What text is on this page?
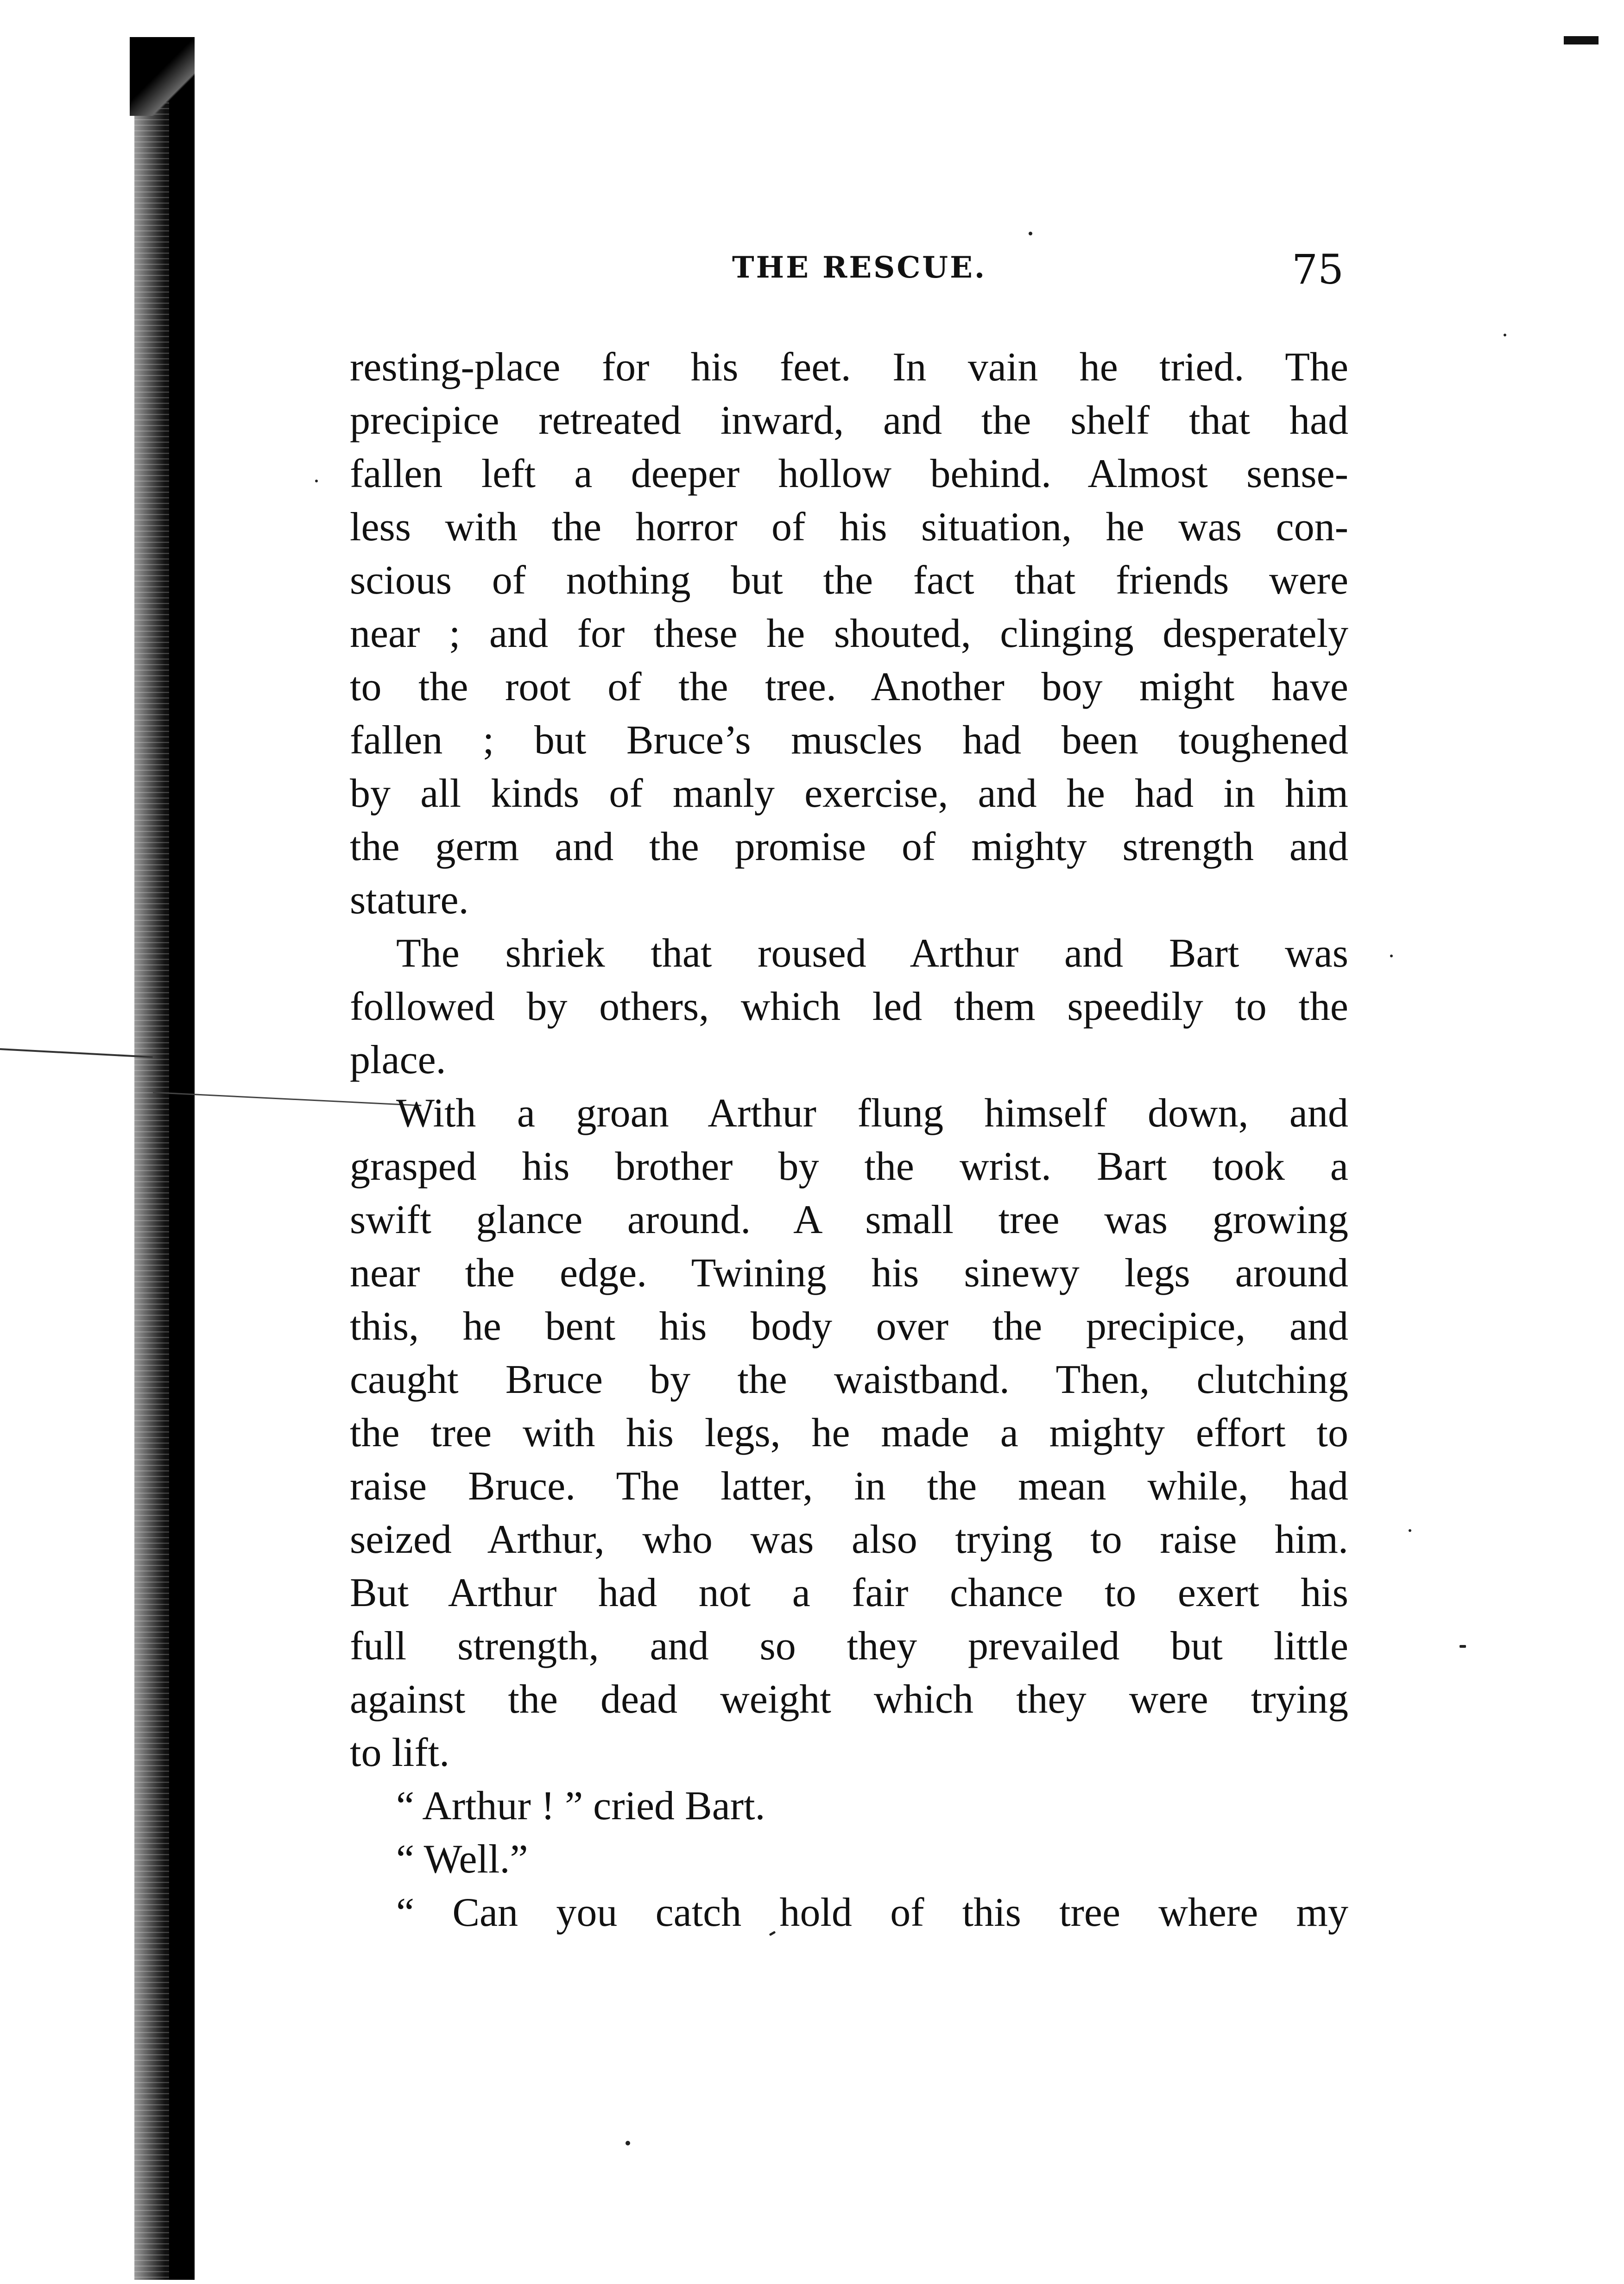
THE RESCUE.	75
resting-place for his feet. In vain he tried. The
precipice retreated inward, and the shelf that had
fallen left a deeper hollow behind. Almost sense-
less with the horror of his situation, he was con-
scious of nothing but the fact that friends were
near ; and for these he shouted, clinging desperately
to the root of the tree. Another boy might have
fallen ; but Bruce’s muscles had been toughened
by all kinds of manly exercise, and he had in him
the germ and the promise of mighty strength and
stature.
The shriek that roused Arthur and Bart was
followed by others, which led them speedily to the
place.
With a groan Arthur flung himself down, and
grasped his brother by the wrist. Bart took a
swift glance around. A small tree was growing
near the edge. Twining his sinewy legs around
this, he bent his body over the precipice, and
caught Bruce by the waistband. Then, clutching
the tree with his legs, he made a mighty effort to
raise Bruce. The latter, in the mean while, had
seized Arthur, who was also trying to raise him.
But Arthur had not a fair chance to exert his
full strength, and so they prevailed but little
against the dead weight which they were trying
to lift.
“ Arthur ! ” cried Bart.
“ Well.”
“ Can you catch hold of this tree where my
